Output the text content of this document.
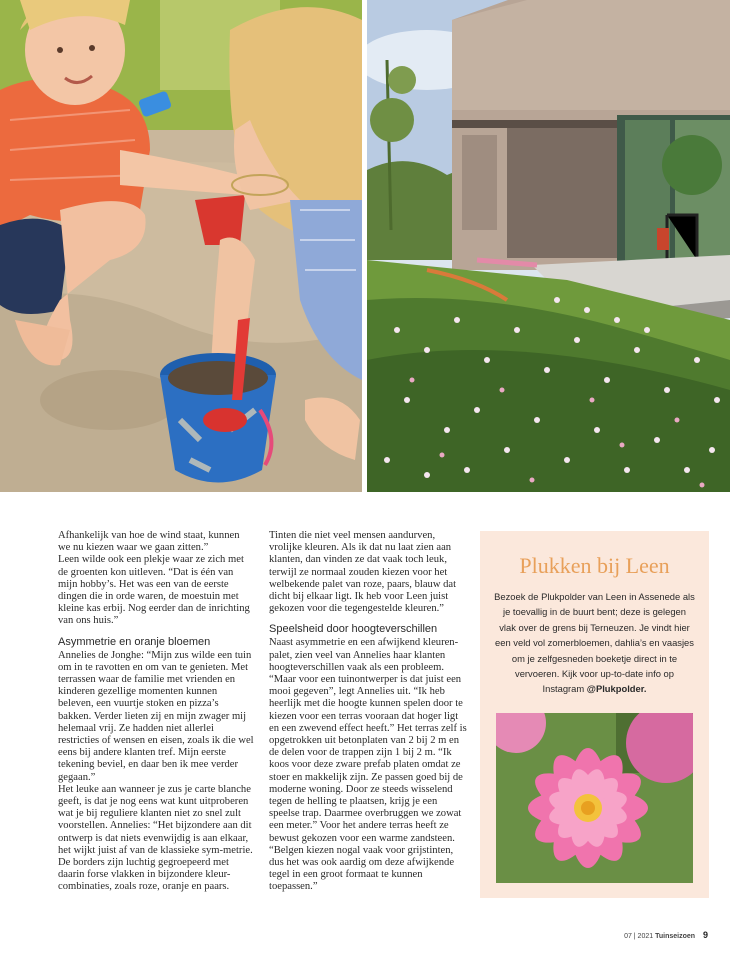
Afhankelijk van hoe de wind staat, kunnen we nu kiezen waar we gaan zitten.”

Leen wilde ook een plekje waar ze zich met de groenten kon uitleven. “Dat is één van mijn hobby’s. Het was een van de eerste dingen die in orde waren, de moestuin met kleine kas erbij. Nog eerder dan de inrichting van ons huis.”

Asymmetrie en oranje bloemen

Annelies de Jonghe: “Mijn zus wilde een tuin om in te ravotten en om van te genieten. Met terrassen waar de familie met vrienden en kinderen gezellige momenten kunnen beleven, een vuurtje stoken en pizza’s bakken. Verder lieten zij en mijn zwager mij helemaal vrij. Ze hadden niet allerlei restricties of wensen en eisen, zoals ik die wel eens bij andere klanten tref. Mijn eerste tekening beviel, en daar ben ik mee verder gegaan.”

Het leuke aan wanneer je zus je carte blanche geeft, is dat je nog eens wat kunt uitproberen wat je bij reguliere klanten niet zo snel zult voorstellen. Annelies: “Het bijzondere aan dit ontwerp is dat niets evenwijdig is aan elkaar, het wijkt juist af van de klassieke sym-metrie. De borders zijn luchtig gegroepeerd met daarin forse vlakken in bijzondere kleur-combinaties, zoals roze, oranje en paars.

Tinten die niet veel mensen aandurven, vrolijke kleuren. Als ik dat nu laat zien aan klanten, dan vinden ze dat vaak toch leuk, terwijl ze normaal zouden kiezen voor het welbekende palet van roze, paars, blauw dat dicht bij elkaar ligt. Ik heb voor Leen juist gekozen voor die tegengestelde kleuren.”

Speelsheid door hoogteverschillen

Naast asymmetrie en een afwijkend kleuren-palet, zien veel van Annelies haar klanten hoogteverschillen vaak als een probleem. “Maar voor een tuinontwerper is dat juist een mooi gegeven”, legt Annelies uit. “Ik heb heerlijk met die hoogte kunnen spelen door te kiezen voor een terras vooraan dat hoger ligt en een zwevend effect heeft.” Het terras zelf is opgetrokken uit betonplaten van 2 bij 2 m en de delen voor de trappen zijn 1 bij 2 m. “Ik koos voor deze zware prefab platen omdat ze stoer en makkelijk zijn. Ze passen goed bij de moderne woning. Door ze steeds wisselend tegen de helling te plaatsen, krijg je een speelse trap. Daarmee overbruggen we zowat een meter.” Voor het andere terras heeft ze bewust gekozen voor een warme zandsteen. “Belgen kiezen nogal vaak voor grijstinten, dus het was ook aardig om deze afwijkende tegel in een groot formaat te kunnen toepassen.”

Plukken bij Leen
Bezoek de Plukpolder van Leen in Assenede als je toevallig in de buurt bent; deze is gelegen vlak over de grens bij Terneuzen. Je vindt hier een veld vol zomerbloemen, dahlia’s en vaasjes om je zelfgesneden boeketje direct in te vervoeren. Kijk voor up-to-date info op Instagram @Plukpolder.
07 | 2021 Tuinseizoen 9
